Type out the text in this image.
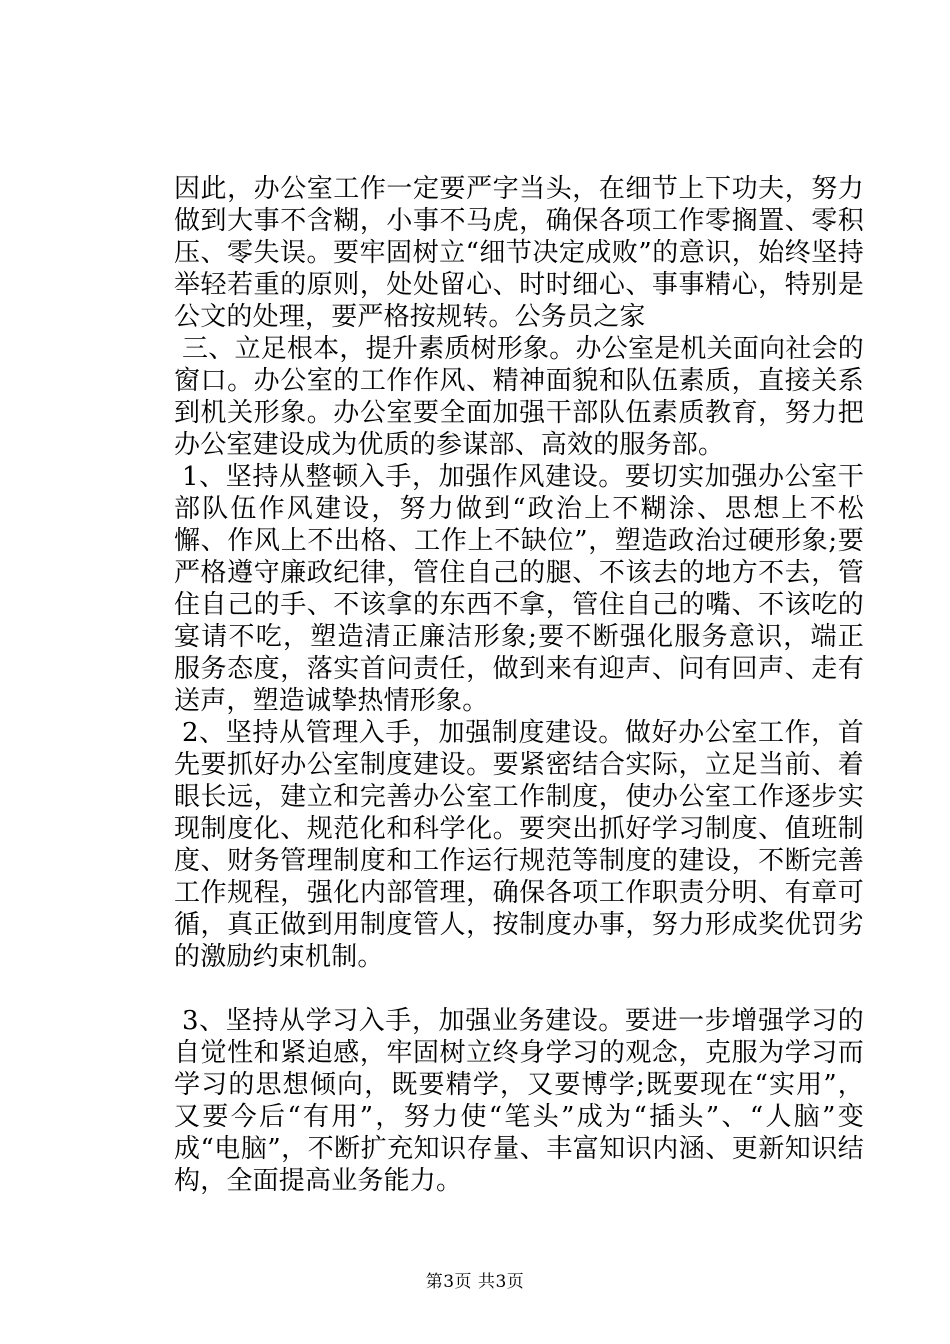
因此，办公室工作一定要严字当头，在细节上下功夫，努力做到大事不含糊，小事不马虎，确保各项工作零搁置、零积压、零失误。要牢固树立“细节决定成败”的意识，始终坚持举轻若重的原则，处处留心、时时细心、事事精心，特别是公文的处理，要严格按规转。公务员之家

三、立足根本，提升素质树形象。办公室是机关面向社会的窗口。办公室的工作作风、精神面貌和队伍素质，直接关系到机关形象。办公室要全面加强干部队伍素质教育，努力把办公室建设成为优质的参谋部、高效的服务部。

1、坚持从整顿入手，加强作风建设。要切实加强办公室干部队伍作风建设，努力做到“政治上不糊涂、思想上不松懈、作风上不出格、工作上不缺位”，塑造政治过硬形象;要严格遵守廉政纪律，管住自己的腿、不该去的地方不去，管住自己的手、不该拿的东西不拿，管住自己的嘴、不该吃的宴请不吃，塑造清正廉洁形象;要不断强化服务意识，端正服务态度，落实首问责任，做到来有迎声、问有回声、走有送声，塑造诚挚热情形象。

2、坚持从管理入手，加强制度建设。做好办公室工作，首先要抓好办公室制度建设。要紧密结合实际，立足当前、着眼长远，建立和完善办公室工作制度，使办公室工作逐步实现制度化、规范化和科学化。要突出抓好学习制度、值班制度、财务管理制度和工作运行规范等制度的建设，不断完善工作规程，强化内部管理，确保各项工作职责分明、有章可循，真正做到用制度管人，按制度办事，努力形成奖优罚劣的激励约束机制。

3、坚持从学习入手，加强业务建设。要进一步增强学习的自觉性和紧迫感，牢固树立终身学习的观念，克服为学习而学习的思想倾向，既要精学，又要博学;既要现在“实用”，又要今后“有用”，努力使“笔头”成为“插头”、“人脑”变成“电脑”，不断扩充知识存量、丰富知识内涵、更新知识结构，全面提高业务能力。

第3页 共3页
